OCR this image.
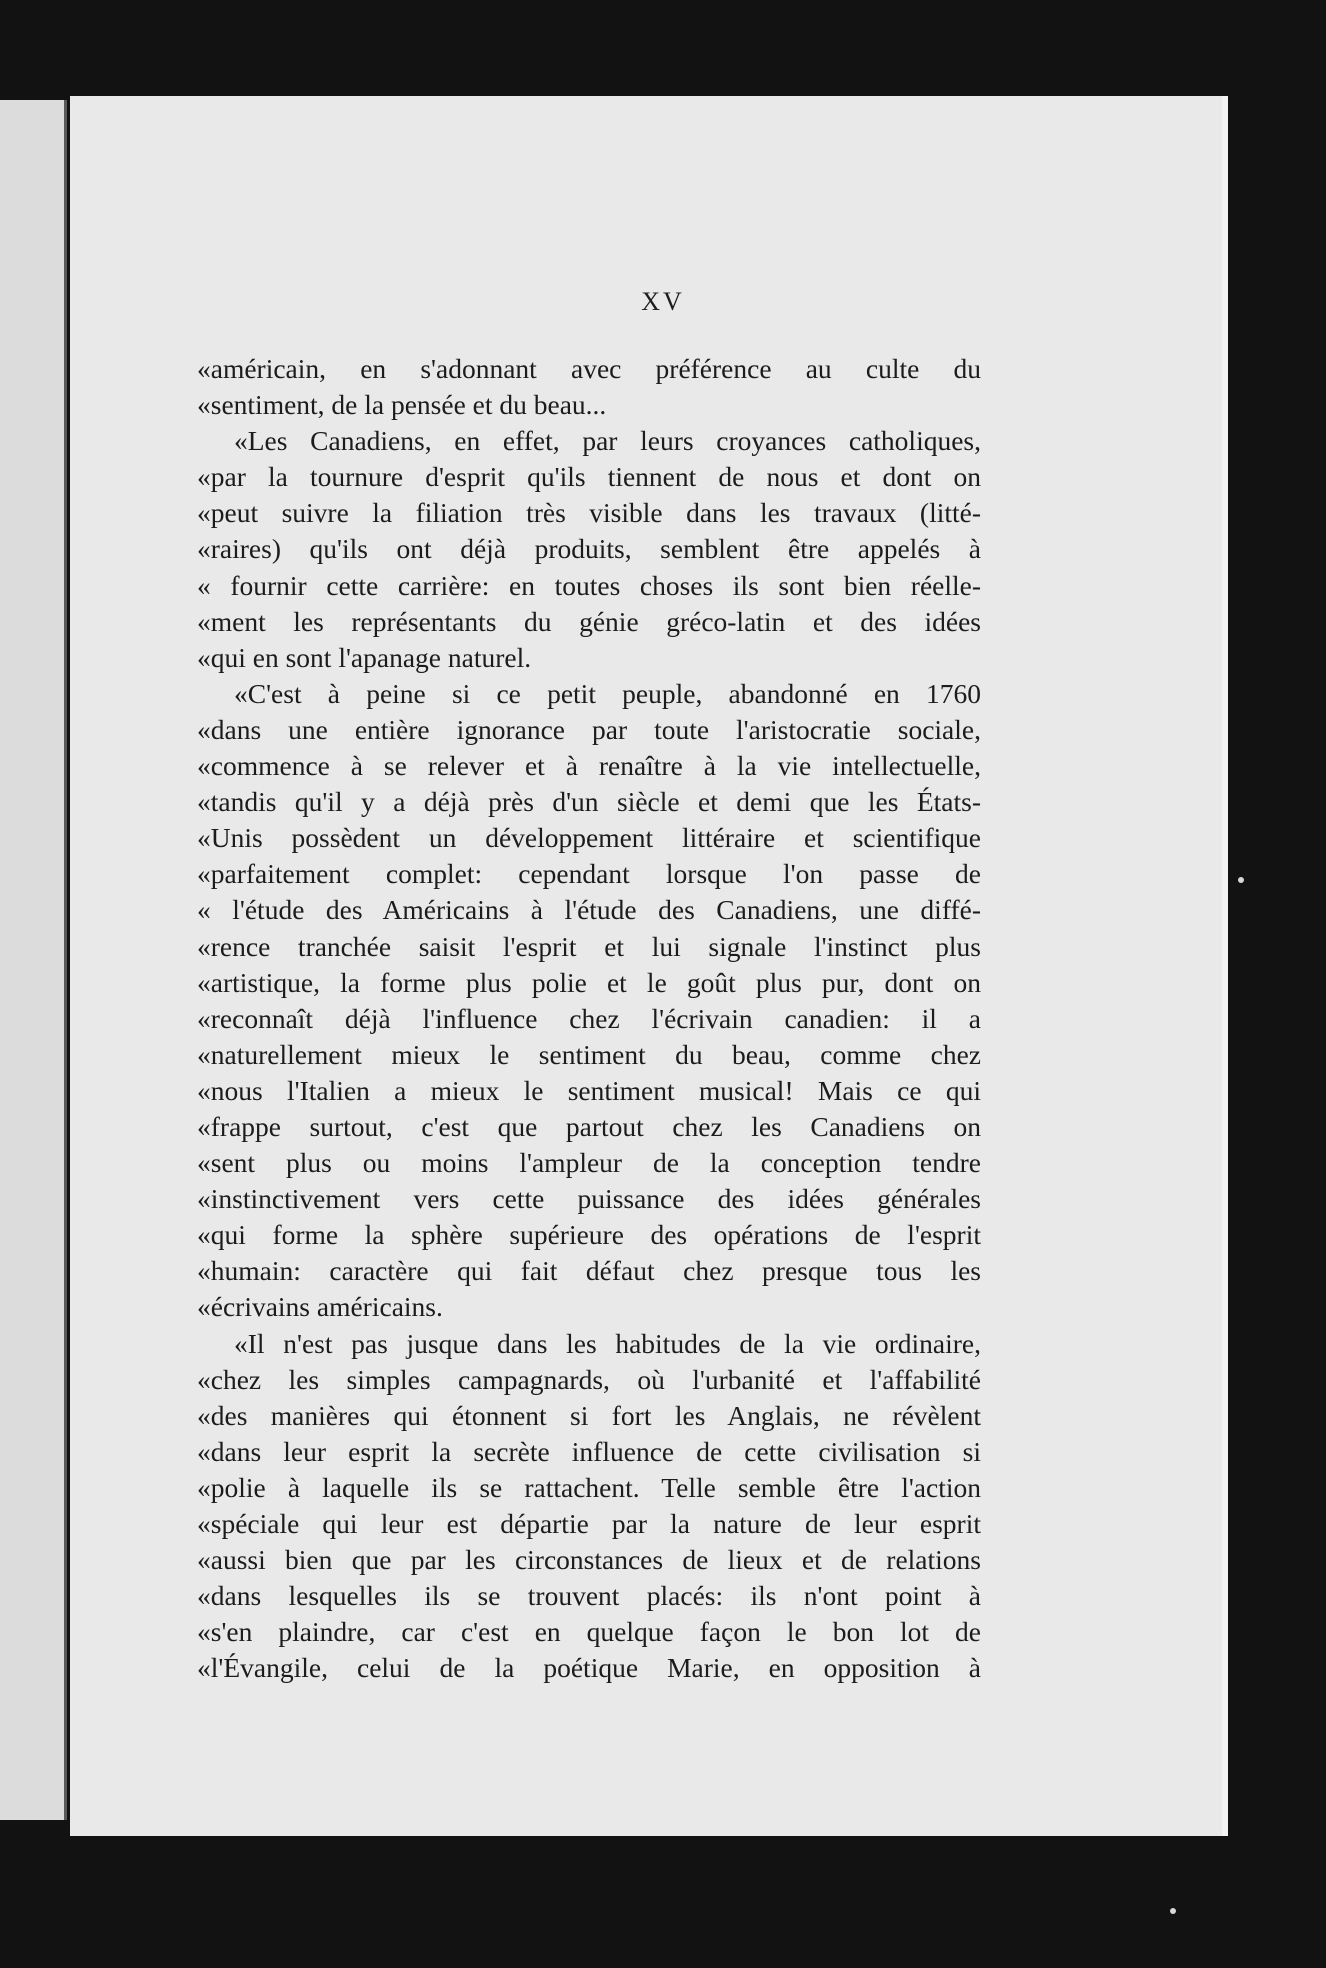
XV
«américain, en s'adonnant avec préférence au culte du
«sentiment, de la pensée et du beau...
«Les Canadiens, en effet, par leurs croyances catholiques,
«par la tournure d'esprit qu'ils tiennent de nous et dont on
«peut suivre la filiation très visible dans les travaux (litté-
«raires) qu'ils ont déjà produits, semblent être appelés à
« fournir cette carrière: en toutes choses ils sont bien réelle-
«ment les représentants du génie gréco-latin et des idées
«qui en sont l'apanage naturel.
«C'est à peine si ce petit peuple, abandonné en 1760
«dans une entière ignorance par toute l'aristocratie sociale,
«commence à se relever et à renaître à la vie intellectuelle,
«tandis qu'il y a déjà près d'un siècle et demi que les États-
«Unis possèdent un développement littéraire et scientifique
«parfaitement complet: cependant lorsque l'on passe de
« l'étude des Américains à l'étude des Canadiens, une diffé-
«rence tranchée saisit l'esprit et lui signale l'instinct plus
«artistique, la forme plus polie et le goût plus pur, dont on
«reconnaît déjà l'influence chez l'écrivain canadien: il a
«naturellement mieux le sentiment du beau, comme chez
«nous l'Italien a mieux le sentiment musical! Mais ce qui
«frappe surtout, c'est que partout chez les Canadiens on
«sent plus ou moins l'ampleur de la conception tendre
«instinctivement vers cette puissance des idées générales
«qui forme la sphère supérieure des opérations de l'esprit
«humain: caractère qui fait défaut chez presque tous les
«écrivains américains.
«Il n'est pas jusque dans les habitudes de la vie ordinaire,
«chez les simples campagnards, où l'urbanité et l'affabilité
«des manières qui étonnent si fort les Anglais, ne révèlent
«dans leur esprit la secrète influence de cette civilisation si
«polie à laquelle ils se rattachent. Telle semble être l'action
«spéciale qui leur est départie par la nature de leur esprit
«aussi bien que par les circonstances de lieux et de relations
«dans lesquelles ils se trouvent placés: ils n'ont point à
«s'en plaindre, car c'est en quelque façon le bon lot de
«l'Évangile, celui de la poétique Marie, en opposition à
